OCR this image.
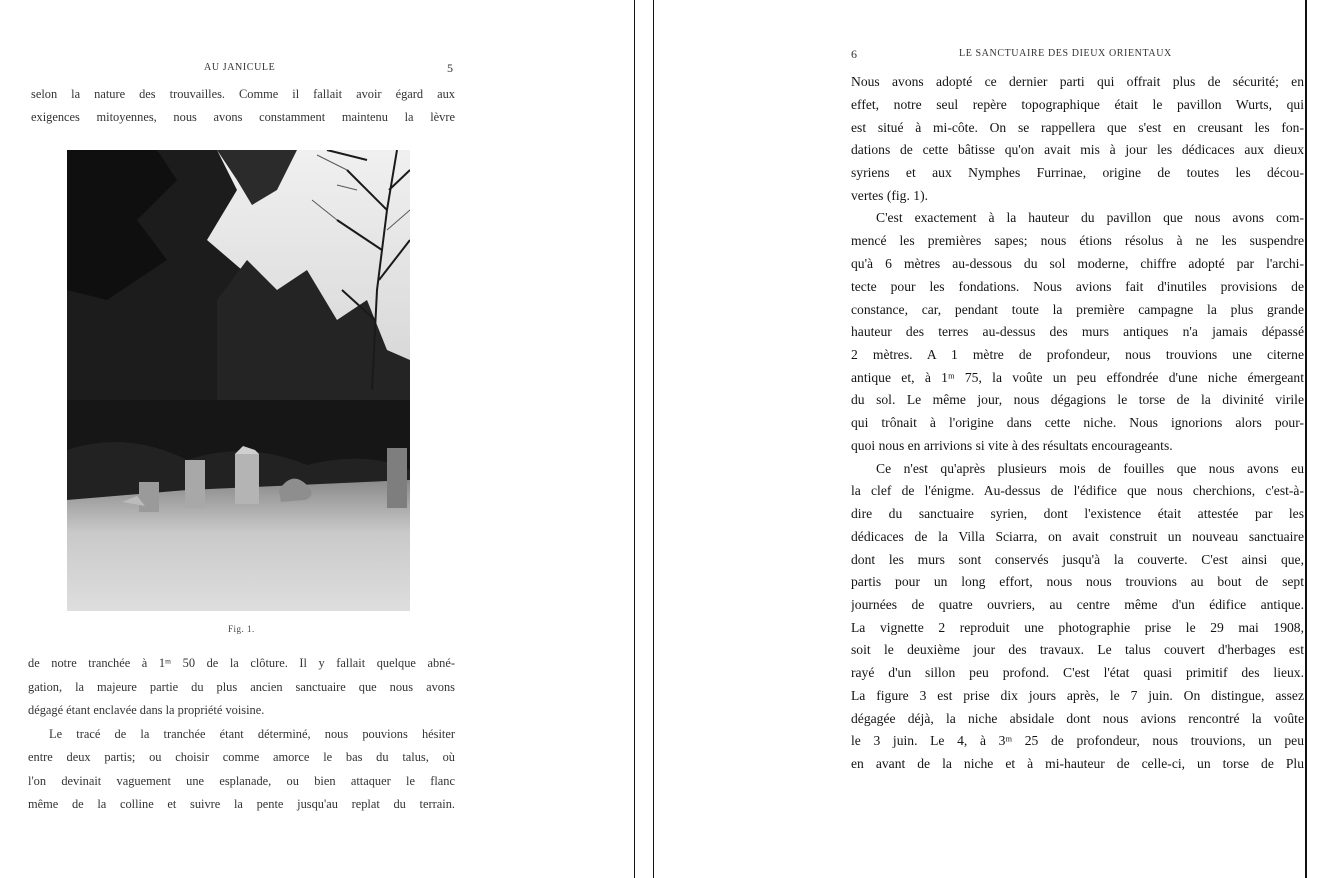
AU JANICULE	5
selon la nature des trouvailles. Comme il fallait avoir égard aux
exigences mitoyennes, nous avons constamment maintenu la lèvre
Fig. 1.
de notre tranchée à 1ᵐ 50 de la clôture. Il y fallait quelque abné-
gation, la majeure partie du plus ancien sanctuaire que nous avons
dégagé étant enclavée dans la propriété voisine.
Le tracé de la tranchée étant déterminé, nous pouvions hésiter
entre deux partis; ou choisir comme amorce le bas du talus, où
l'on devinait vaguement une esplanade, ou bien attaquer le flanc
même de la colline et suivre la pente jusqu'au replat du terrain.
6	LE SANCTUAIRE DES DIEUX ORIENTAUX
Nous avons adopté ce dernier parti qui offrait plus de sécurité; en
effet, notre seul repère topographique était le pavillon Wurts, qui
est situé à mi-côte. On se rappellera que s'est en creusant les fon-
dations de cette bâtisse qu'on avait mis à jour les dédicaces aux dieux
syriens et aux Nymphes Furrinae, origine de toutes les décou-
vertes (fig. 1).
C'est exactement à la hauteur du pavillon que nous avons com-
mencé les premières sapes; nous étions résolus à ne les suspendre
qu'à 6 mètres au-dessous du sol moderne, chiffre adopté par l'archi-
tecte pour les fondations. Nous avions fait d'inutiles provisions de
constance, car, pendant toute la première campagne la plus grande
hauteur des terres au-dessus des murs antiques n'a jamais dépassé
2 mètres. A 1 mètre de profondeur, nous trouvions une citerne
antique et, à 1ᵐ 75, la voûte un peu effondrée d'une niche émergeant
du sol. Le même jour, nous dégagions le torse de la divinité virile
qui trônait à l'origine dans cette niche. Nous ignorions alors pour-
quoi nous en arrivions si vite à des résultats encourageants.
Ce n'est qu'après plusieurs mois de fouilles que nous avons eu
la clef de l'énigme. Au-dessus de l'édifice que nous cherchions, c'est-à-
dire du sanctuaire syrien, dont l'existence était attestée par les
dédicaces de la Villa Sciarra, on avait construit un nouveau sanctuaire
dont les murs sont conservés jusqu'à la couverte. C'est ainsi que,
partis pour un long effort, nous nous trouvions au bout de sept
journées de quatre ouvriers, au centre même d'un édifice antique.
La vignette 2 reproduit une photographie prise le 29 mai 1908,
soit le deuxième jour des travaux. Le talus couvert d'herbages est
rayé d'un sillon peu profond. C'est l'état quasi primitif des lieux.
La figure 3 est prise dix jours après, le 7 juin. On distingue, assez
dégagée déjà, la niche absidale dont nous avions rencontré la voûte
le 3 juin. Le 4, à 3ᵐ 25 de profondeur, nous trouvions, un peu
en avant de la niche et à mi-hauteur de celle-ci, un torse de Plu
